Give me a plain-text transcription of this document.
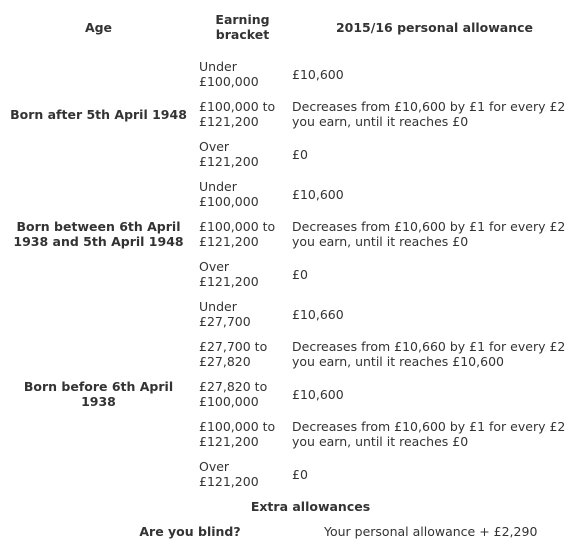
Age	Earning bracket	2015/16 personal allowance
Born after 5th April 1948	Under £100,000	£10,600
	£100,000 to £121,200	Decreases from £10,600 by £1 for every £2 you earn, until it reaches £0
	Over £121,200	£0
Born between 6th April 1938 and 5th April 1948	Under £100,000	£10,600
	£100,000 to £121,200	Decreases from £10,600 by £1 for every £2 you earn, until it reaches £0
	Over £121,200	£0
Born before 6th April 1938	Under £27,700	£10,660
	£27,700 to £27,820	Decreases from £10,660 by £1 for every £2 you earn, until it reaches £10,600
	£27,820 to £100,000	£10,600
	£100,000 to £121,200	Decreases from £10,600 by £1 for every £2 you earn, until it reaches £0
	Over £121,200	£0
Extra allowances		
Are you blind?		Your personal allowance + £2,290
